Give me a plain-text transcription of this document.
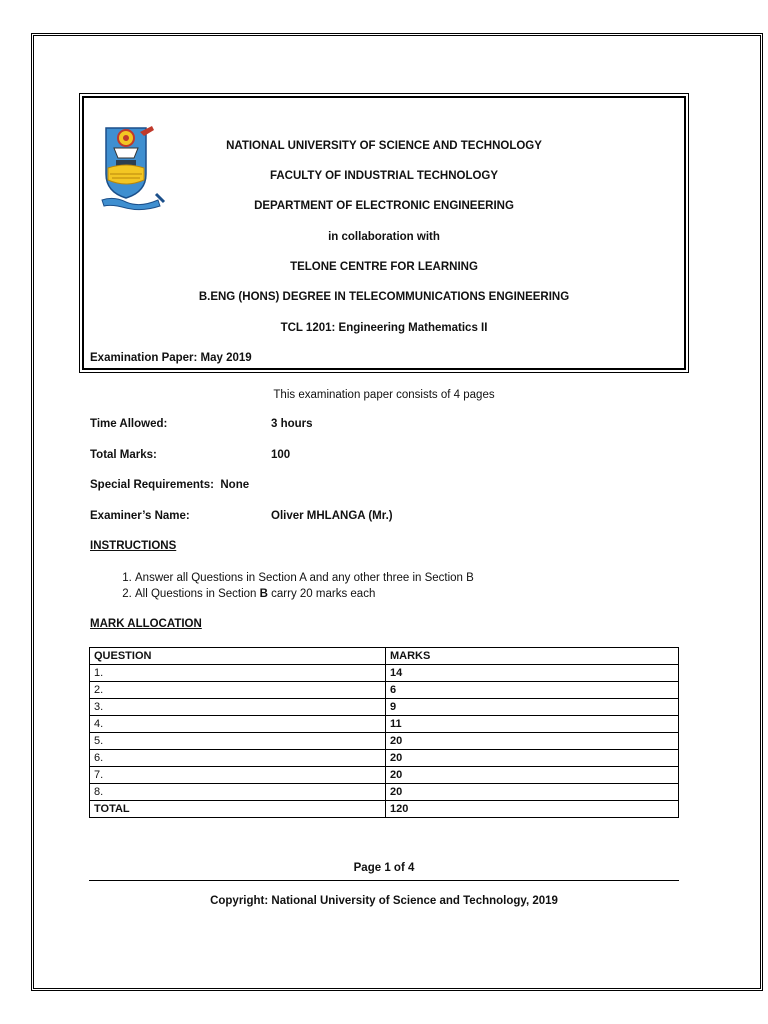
NATIONAL UNIVERSITY OF SCIENCE AND TECHNOLOGY
FACULTY OF INDUSTRIAL TECHNOLOGY
DEPARTMENT OF ELECTRONIC ENGINEERING
in collaboration with
TELONE CENTRE FOR LEARNING
B.ENG (HONS) DEGREE IN TELECOMMUNICATIONS ENGINEERING
TCL 1201: Engineering Mathematics II
Examination Paper: May 2019
This examination paper consists of 4 pages
Time Allowed:	3 hours
Total Marks:	100
Special Requirements:  None
Examiner’s Name:	Oliver MHLANGA (Mr.)
INSTRUCTIONS
1. Answer all Questions in Section A and any other three in Section B
2. All Questions in Section B carry 20 marks each
MARK ALLOCATION
QUESTION	MARKS
1.	14
2.	6
3.	9
4.	11
5.	20
6.	20
7.	20
8.	20
TOTAL	120
Page 1 of 4
Copyright: National University of Science and Technology, 2019
